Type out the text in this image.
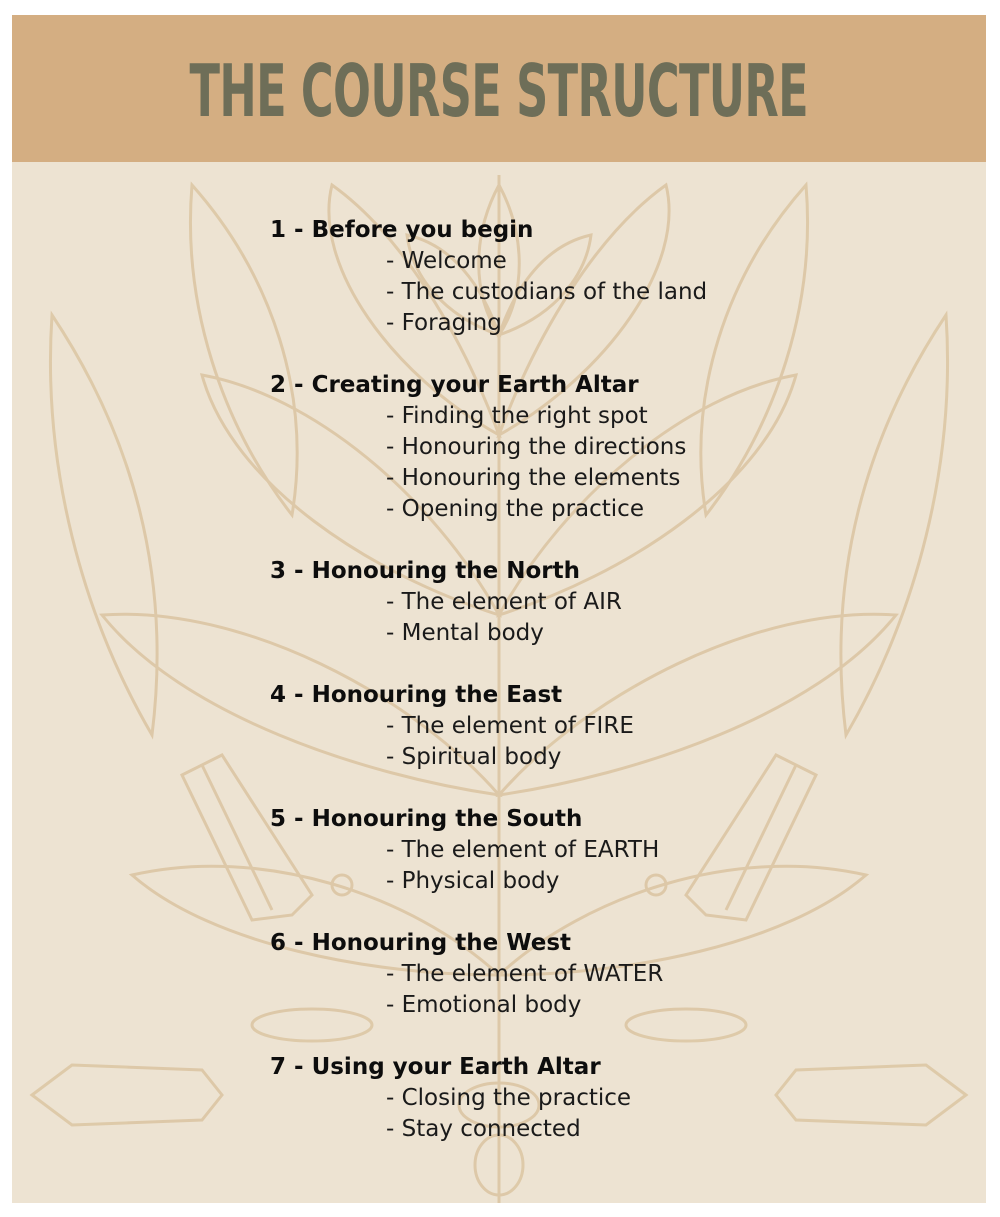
THE COURSE STRUCTURE
1 - Before you begin
- Welcome
- The custodians of the land
- Foraging
2 - Creating your Earth Altar
- Finding the right spot
- Honouring the directions
- Honouring the elements
- Opening the practice
3 - Honouring the North
- The element of AIR
- Mental body
4 - Honouring the East
- The element of FIRE
- Spiritual body
5 - Honouring the South
- The element of EARTH
- Physical body
6 - Honouring the West
- The element of WATER
- Emotional body
7 - Using your Earth Altar
- Closing the practice
- Stay connected
